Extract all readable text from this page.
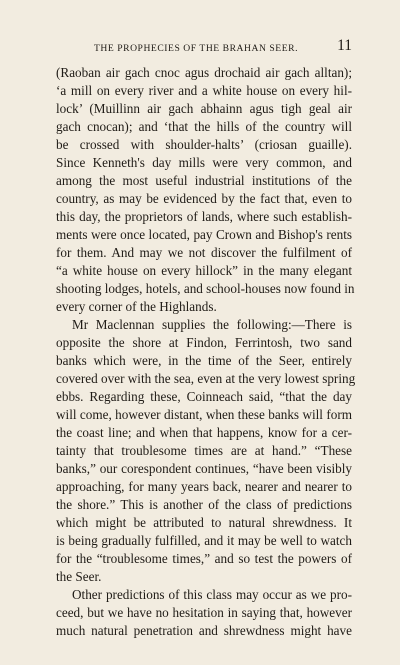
THE PROPHECIES OF THE BRAHAN SEER.	11
(Raoban air gach cnoc agus drochaid air gach alltan);
‘a mill on every river and a white house on every hil-
lock’ (Muillinn air gach abhainn agus tigh geal air
gach cnocan); and ‘that the hills of the country will
be crossed with shoulder-halts’ (criosan guaille).
Since Kenneth's day mills were very common, and
among the most useful industrial institutions of the
country, as may be evidenced by the fact that, even to
this day, the proprietors of lands, where such establish-
ments were once located, pay Crown and Bishop's rents
for them. And may we not discover the fulfilment of
“a white house on every hillock” in the many elegant
shooting lodges, hotels, and school-houses now found in
every corner of the Highlands.
Mr Maclennan supplies the following:—There is
opposite the shore at Findon, Ferrintosh, two sand
banks which were, in the time of the Seer, entirely
covered over with the sea, even at the very lowest spring
ebbs. Regarding these, Coinneach said, “that the day
will come, however distant, when these banks will form
the coast line; and when that happens, know for a cer-
tainty that troublesome times are at hand.” “These
banks,” our corespondent continues, “have been visibly
approaching, for many years back, nearer and nearer to
the shore.” This is another of the class of predictions
which might be attributed to natural shrewdness. It
is being gradually fulfilled, and it may be well to watch
for the “troublesome times,” and so test the powers of
the Seer.
Other predictions of this class may occur as we pro-
ceed, but we have no hesitation in saying that, however
much natural penetration and shrewdness might have
